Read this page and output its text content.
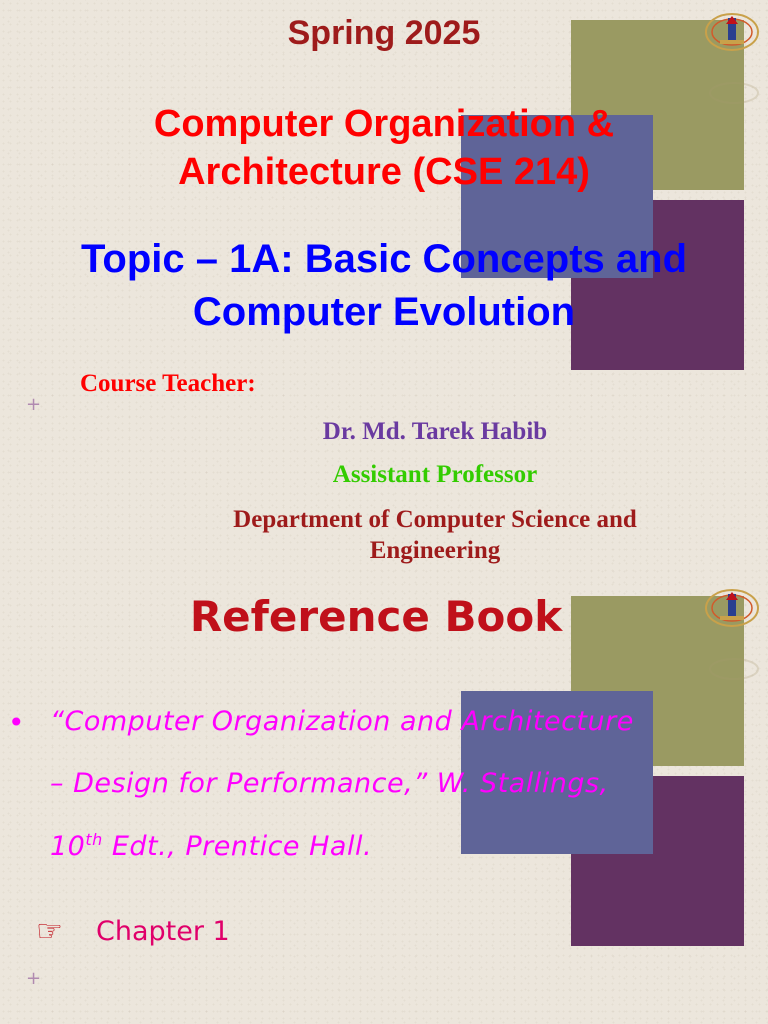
+

Spring 2025

Computer Organization &

Architecture (CSE 214)

Topic – 1A: Basic Concepts and

Computer Evolution

Course Teacher:

Dr. Md. Tarek Habib

Assistant Professor

Department of Computer Science and

Engineering

+

Reference Book

• “Computer Organization and Architecture

– Design for Performance,” W. Stallings,

10th Edt., Prentice Hall.

☞ Chapter 1
